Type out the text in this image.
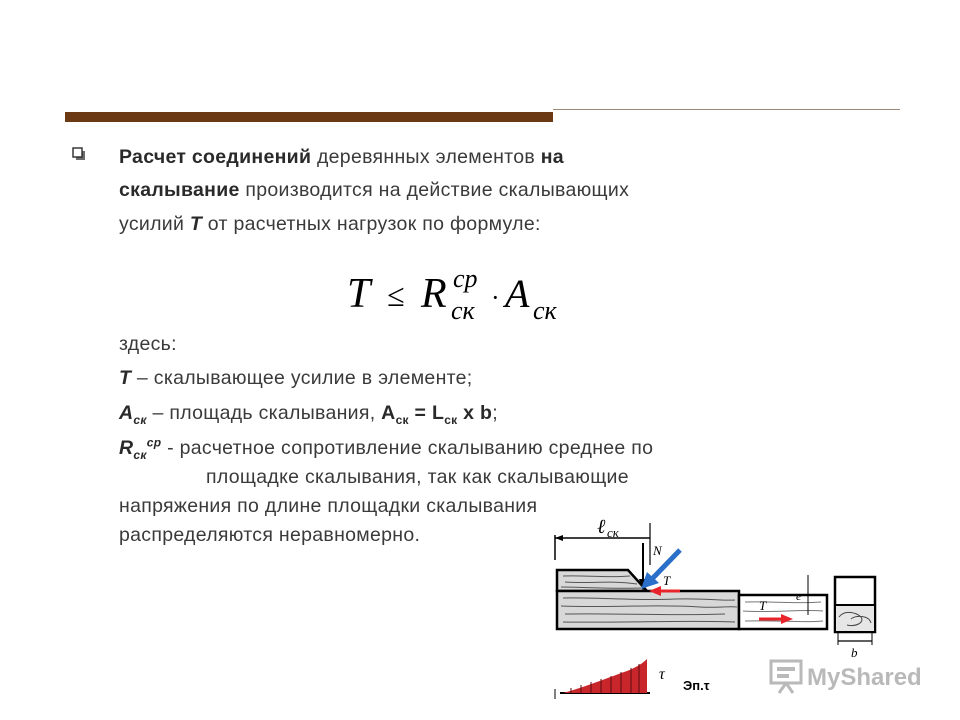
Расчет соединений деревянных элементов на
скалывание производится на действие скалывающих
усилий T от расчетных нагрузок по формуле:
T ≤ R ск
ср
· A ск
здесь:
T – скалывающее усилие в элементе;
$A_{ск}$ – площадь скалывания, $A_{ск} = L_{ск}$ x b;
$R_{ск}^{ср}$ - расчетное сопротивление скалыванию среднее по
площадке скалывания, так как скалывающие
напряжения по длине площадки скалывания
распределяются неравномерно.	ℓ ск
N
T
T
e
b
τ
Эп.τ	MyShared
